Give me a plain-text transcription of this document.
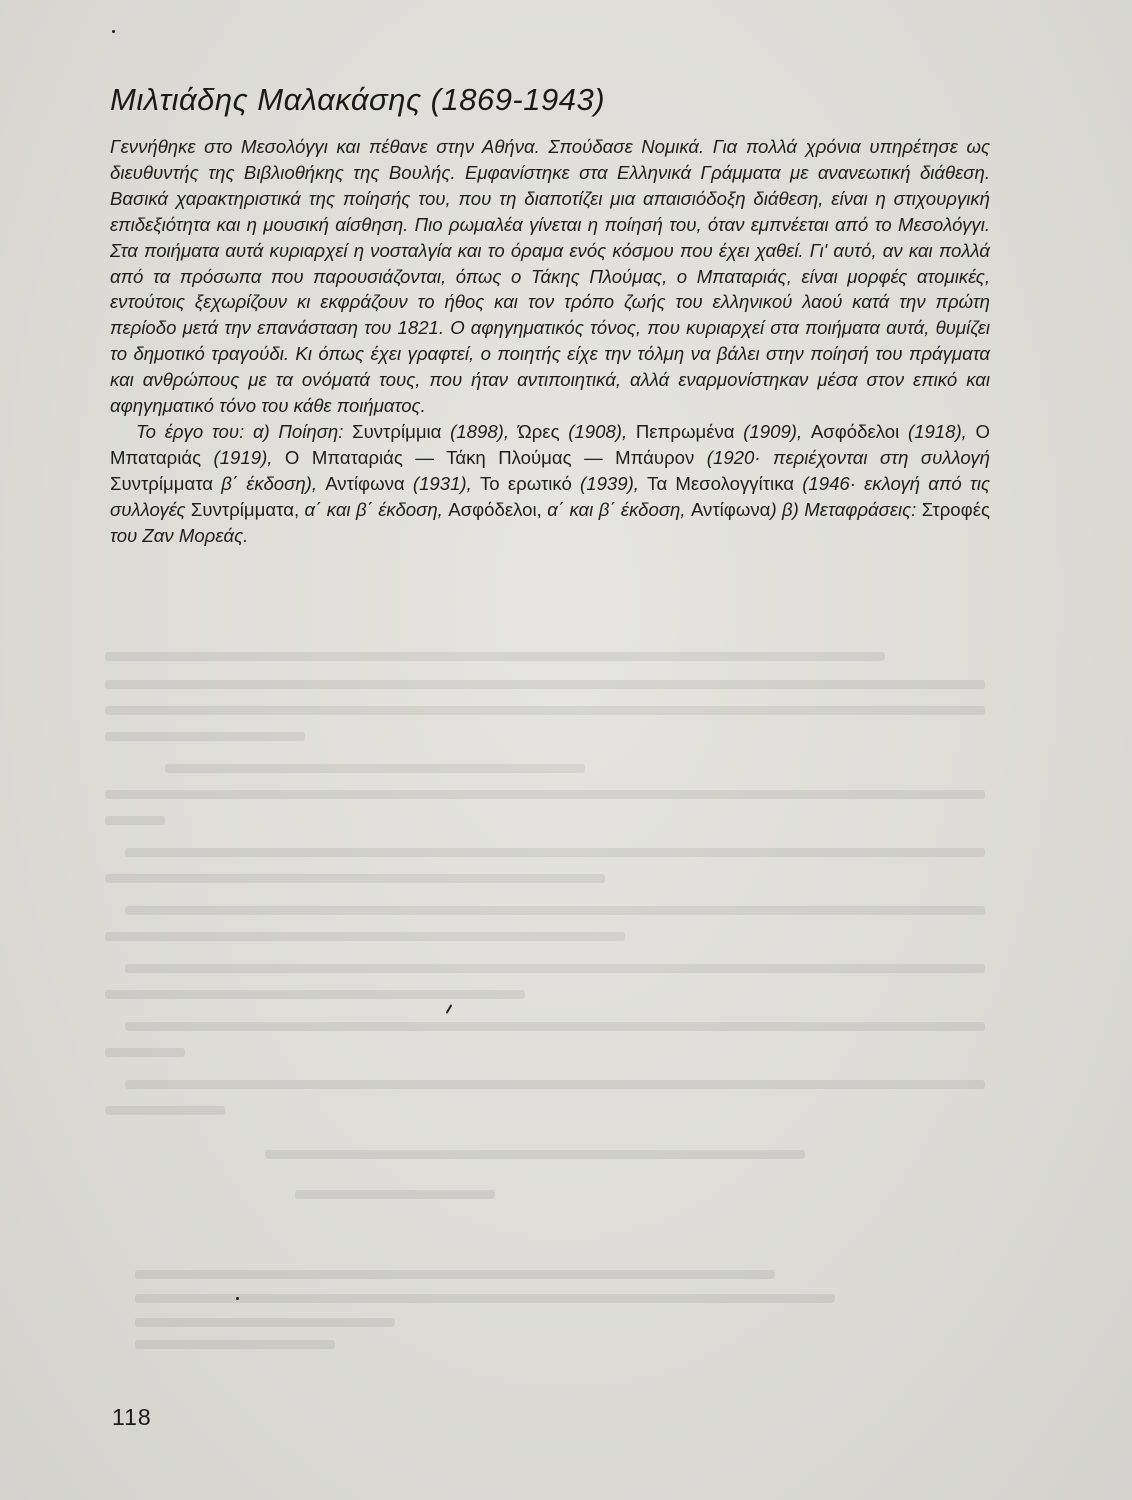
Μιλτιάδης Μαλακάσης (1869-1943)

Γεννήθηκε στο Μεσολόγγι και πέθανε στην Αθήνα. Σπούδασε Νομικά. Για πολλά χρόνια υπηρέτησε ως διευθυντής της Βιβλιοθήκης της Βουλής. Εμφανίστηκε στα Ελληνικά Γράμματα με ανανεωτική διάθεση. Βασικά χαρακτηριστικά της ποίησής του, που τη διαποτίζει μια απαισιόδοξη διάθεση, είναι η στιχουργική επιδεξιότητα και η μουσική αίσθηση. Πιο ρωμαλέα γίνεται η ποίησή του, όταν εμπνέεται από το Μεσολόγγι. Στα ποιήματα αυτά κυριαρχεί η νοσταλγία και το όραμα ενός κόσμου που έχει χαθεί. Γι' αυτό, αν και πολλά από τα πρόσωπα που παρουσιάζονται, όπως ο Τάκης Πλούμας, ο Μπαταριάς, είναι μορφές ατομικές, εντούτοις ξεχωρίζουν κι εκφράζουν το ήθος και τον τρόπο ζωής του ελληνικού λαού κατά την πρώτη περίοδο μετά την επανάσταση του 1821. Ο αφηγηματικός τόνος, που κυριαρχεί στα ποιήματα αυτά, θυμίζει το δημοτικό τραγούδι. Κι όπως έχει γραφτεί, ο ποιητής είχε την τόλμη να βάλει στην ποίησή του πράγματα και ανθρώπους με τα ονόματά τους, που ήταν αντιποιητικά, αλλά εναρμονίστηκαν μέσα στον επικό και αφηγηματικό τόνο του κάθε ποιήματος.

Το έργο του: α) Ποίηση: Συντρίμμια (1898), Ώρες (1908), Πεπρωμένα (1909), Ασφόδελοι (1918), Ο Μπαταριάς (1919), Ο Μπαταριάς — Τάκη Πλούμας — Μπάυρον (1920· περιέχονται στη συλλογή Συντρίμματα β΄ έκδοση), Αντίφωνα (1931), Το ερωτικό (1939), Τα Μεσολογγίτικα (1946· εκλογή από τις συλλογές Συντρίμματα, α΄ και β΄ έκδοση, Ασφόδελοι, α΄ και β΄ έκδοση, Αντίφωνα) β) Μεταφράσεις: Στροφές του Ζαν Μορεάς.

118
